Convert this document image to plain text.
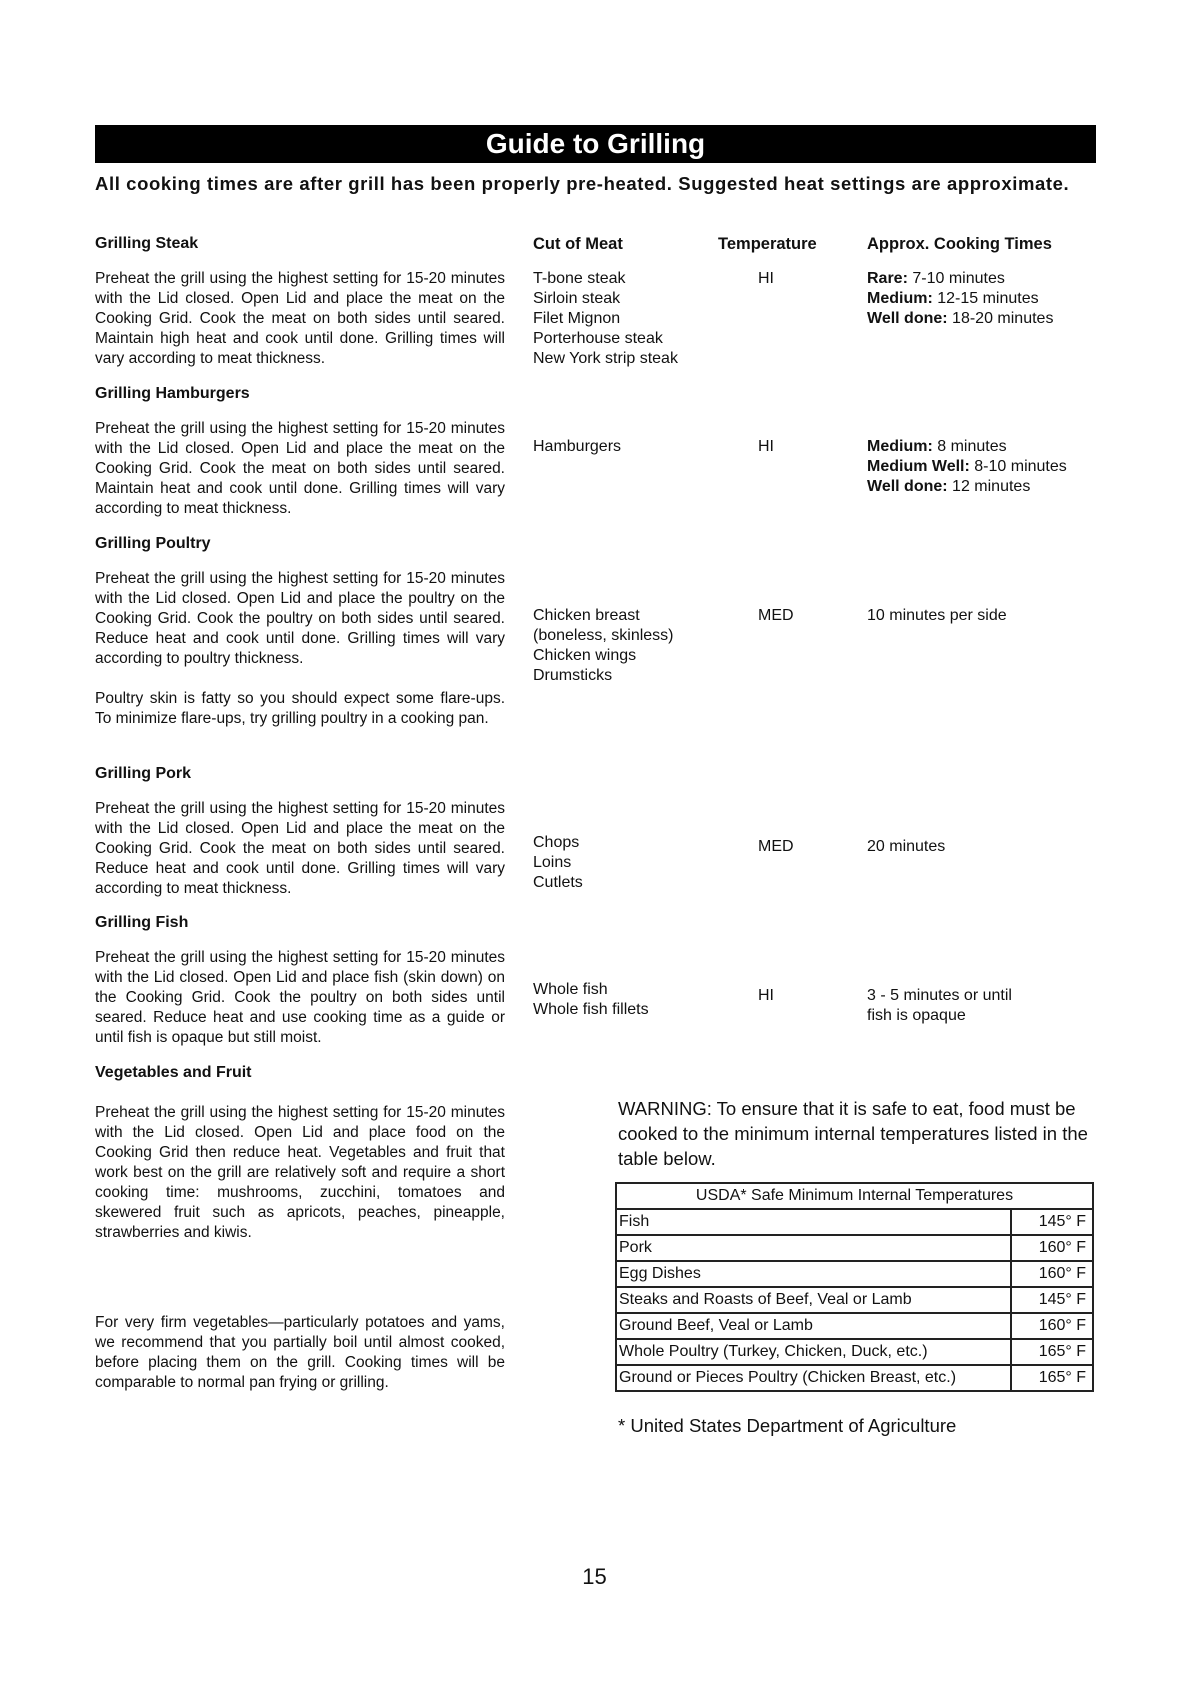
Guide to Grilling
All cooking times are after grill has been properly pre-heated. Suggested heat settings are approximate.
Cut of Meat	Temperature	Approx. Cooking Times
Grilling Steak
Preheat the grill using the highest setting for 15-20 minutes with the Lid closed. Open Lid and place the meat on the Cooking Grid. Cook the meat on both sides until seared. Maintain high heat and cook until done. Grilling times will vary according to meat thickness.
T-bone steak
Sirloin steak
Filet Mignon
Porterhouse steak
New York strip steak
HI	Rare: 7-10 minutes
Medium: 12-15 minutes
Well done: 18-20 minutes
Grilling Hamburgers
Preheat the grill using the highest setting for 15-20 minutes with the Lid closed. Open Lid and place the meat on the Cooking Grid. Cook the meat on both sides until seared. Maintain heat and cook until done. Grilling times will vary according to meat thickness.
Hamburgers	HI	Medium: 8 minutes
Medium Well: 8-10 minutes
Well done: 12 minutes
Grilling Poultry
Preheat the grill using the highest setting for 15-20 minutes with the Lid closed. Open Lid and place the poultry on the Cooking Grid. Cook the poultry on both sides until seared. Reduce heat and cook until done. Grilling times will vary according to poultry thickness.
Poultry skin is fatty so you should expect some flare-ups. To minimize flare-ups, try grilling poultry in a cooking pan.
Chicken breast
(boneless, skinless)
Chicken wings
Drumsticks
MED	10 minutes per side
Grilling Pork
Preheat the grill using the highest setting for 15-20 minutes with the Lid closed. Open Lid and place the meat on the Cooking Grid. Cook the meat on both sides until seared. Reduce heat and cook until done. Grilling times will vary according to meat thickness.
Chops
Loins
Cutlets
MED	20 minutes
Grilling Fish
Preheat the grill using the highest setting for 15-20 minutes with the Lid closed. Open Lid and place fish (skin down) on the Cooking Grid. Cook the poultry on both sides until seared. Reduce heat and use cooking time as a guide or until fish is opaque but still moist.
Whole fish
Whole fish fillets
HI	3 - 5 minutes or until
fish is opaque
Vegetables and Fruit
Preheat the grill using the highest setting for 15-20 minutes with the Lid closed. Open Lid and place food on the Cooking Grid then reduce heat. Vegetables and fruit that work best on the grill are relatively soft and require a short cooking time: mushrooms, zucchini, tomatoes and skewered fruit such as apricots, peaches, pineapple, strawberries and kiwis.
For very firm vegetables—particularly potatoes and yams, we recommend that you partially boil until almost cooked, before placing them on the grill. Cooking times will be comparable to normal pan frying or grilling.
WARNING: To ensure that it is safe to eat, food must be cooked to the minimum internal temperatures listed in the table below.
USDA* Safe Minimum Internal Temperatures	
Fish	145° F
Pork	160° F
Egg Dishes	160° F
Steaks and Roasts of Beef, Veal or Lamb	145° F
Ground Beef, Veal or Lamb	160° F
Whole Poultry (Turkey, Chicken, Duck, etc.)	165° F
Ground or Pieces Poultry (Chicken Breast, etc.)	165° F
* United States Department of Agriculture
15
